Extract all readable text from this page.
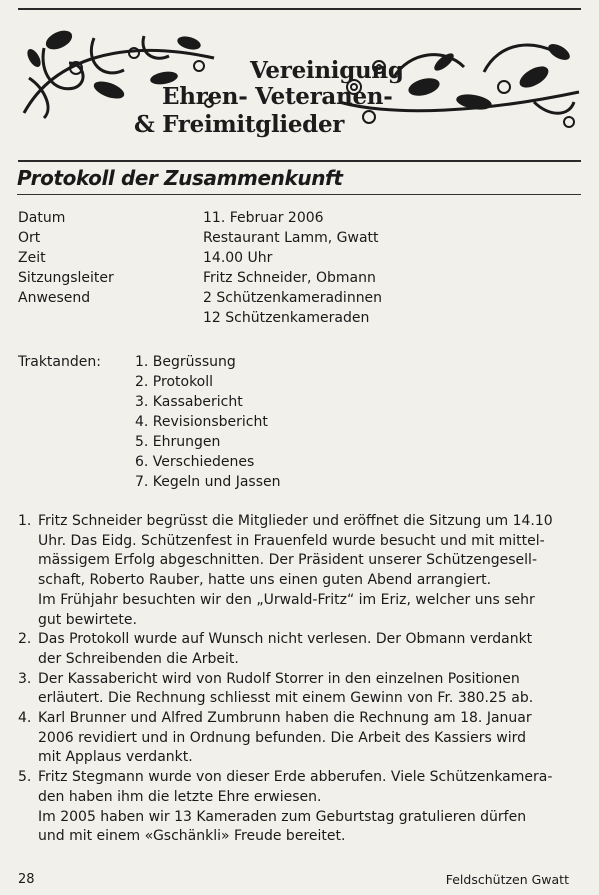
Vereinigung
Ehren- Veteranen-
& Freimitglieder
Protokoll der Zusammenkunft
Datum	11. Februar 2006
Ort	Restaurant Lamm, Gwatt
Zeit	14.00 Uhr
Sitzungsleiter	Fritz Schneider, Obmann
Anwesend	2 Schützenkameradinnen
12 Schützenkameraden
Traktanden:	1. Begrüssung
2. Protokoll
3. Kassabericht
4. Revisionsbericht
5. Ehrungen
6. Verschiedenes
7. Kegeln und Jassen
1. Fritz Schneider begrüsst die Mitglieder und eröffnet die Sitzung um 14.10
Uhr. Das Eidg. Schützenfest in Frauenfeld wurde besucht und mit mittel-
mässigem Erfolg abgeschnitten. Der Präsident unserer Schützengesell-
schaft, Roberto Rauber, hatte uns einen guten Abend arrangiert.
Im Frühjahr besuchten wir den „Urwald-Fritz“ im Eriz, welcher uns sehr
gut bewirtete.
2. Das Protokoll wurde auf Wunsch nicht verlesen. Der Obmann verdankt
der Schreibenden die Arbeit.
3. Der Kassabericht wird von Rudolf Storrer in den einzelnen Positionen
erläutert. Die Rechnung schliesst mit einem Gewinn von Fr. 380.25 ab.
4. Karl Brunner und Alfred Zumbrunn haben die Rechnung am 18. Januar
2006 revidiert und in Ordnung befunden. Die Arbeit des Kassiers wird
mit Applaus verdankt.
5. Fritz Stegmann wurde von dieser Erde abberufen. Viele Schützenkamera-
den haben ihm die letzte Ehre erwiesen.
Im 2005 haben wir 13 Kameraden zum Geburtstag gratulieren dürfen
und mit einem «Gschänkli» Freude bereitet.
28	Feldschützen Gwatt
